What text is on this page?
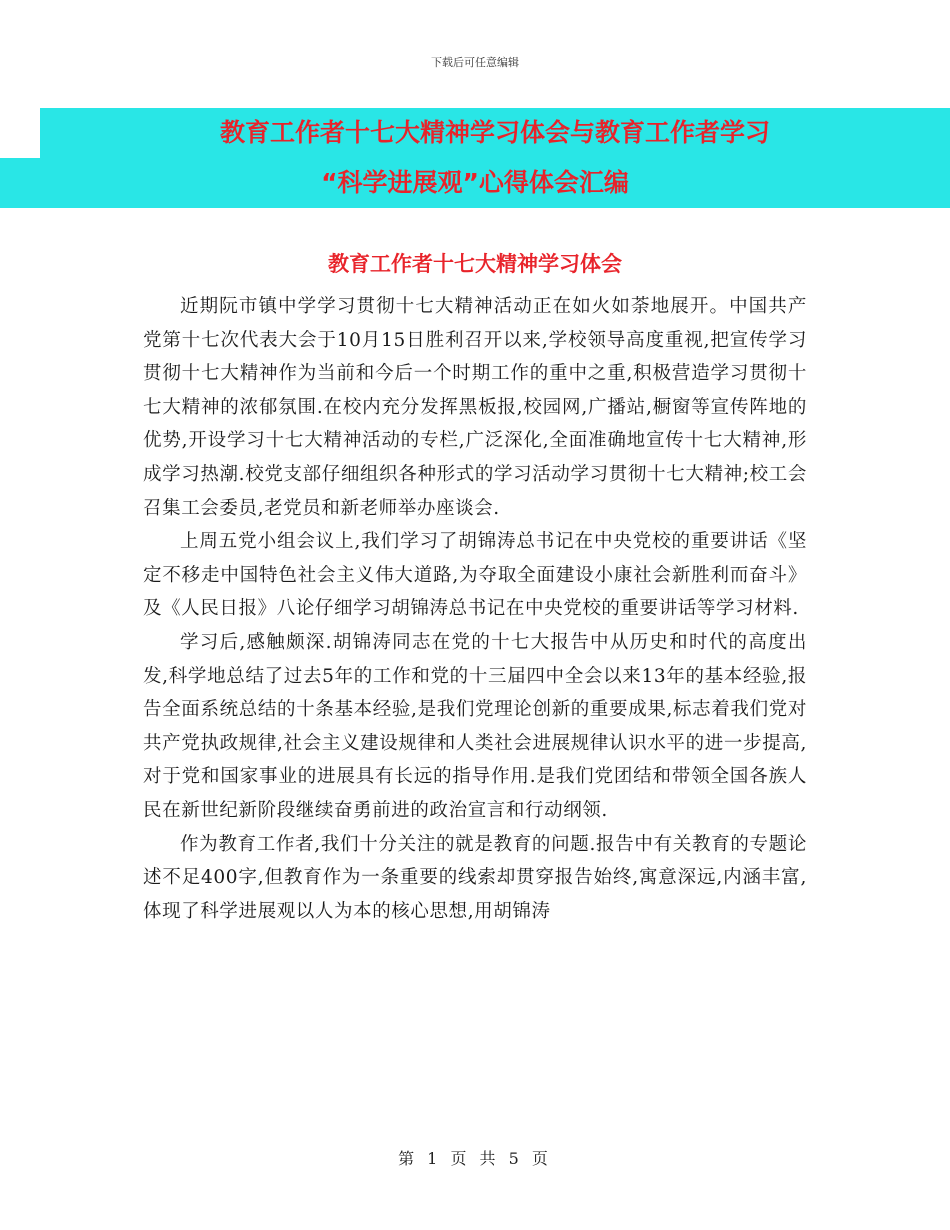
下载后可任意编辑
教育工作者十七大精神学习体会与教育工作者学习
“科学进展观”心得体会汇编
教育工作者十七大精神学习体会

近期阮市镇中学学习贯彻十七大精神活动正在如火如荼地展开。中国共产党第十七次代表大会于10月15日胜利召开以来,学校领导高度重视,把宣传学习贯彻十七大精神作为当前和今后一个时期工作的重中之重,积极营造学习贯彻十七大精神的浓郁氛围.在校内充分发挥黑板报,校园网,广播站,橱窗等宣传阵地的优势,开设学习十七大精神活动的专栏,广泛深化,全面准确地宣传十七大精神,形成学习热潮.校党支部仔细组织各种形式的学习活动学习贯彻十七大精神;校工会召集工会委员,老党员和新老师举办座谈会.

上周五党小组会议上,我们学习了胡锦涛总书记在中央党校的重要讲话《坚定不移走中国特色社会主义伟大道路,为夺取全面建设小康社会新胜利而奋斗》及《人民日报》八论仔细学习胡锦涛总书记在中央党校的重要讲话等学习材料.

学习后,感触颇深.胡锦涛同志在党的十七大报告中从历史和时代的高度出发,科学地总结了过去5年的工作和党的十三届四中全会以来13年的基本经验,报告全面系统总结的十条基本经验,是我们党理论创新的重要成果,标志着我们党对共产党执政规律,社会主义建设规律和人类社会进展规律认识水平的进一步提高,对于党和国家事业的进展具有长远的指导作用.是我们党团结和带领全国各族人民在新世纪新阶段继续奋勇前进的政治宣言和行动纲领.

作为教育工作者,我们十分关注的就是教育的问题.报告中有关教育的专题论述不足400字,但教育作为一条重要的线索却贯穿报告始终,寓意深远,内涵丰富,体现了科学进展观以人为本的核心思想,用胡锦涛

第 1 页 共 5 页
